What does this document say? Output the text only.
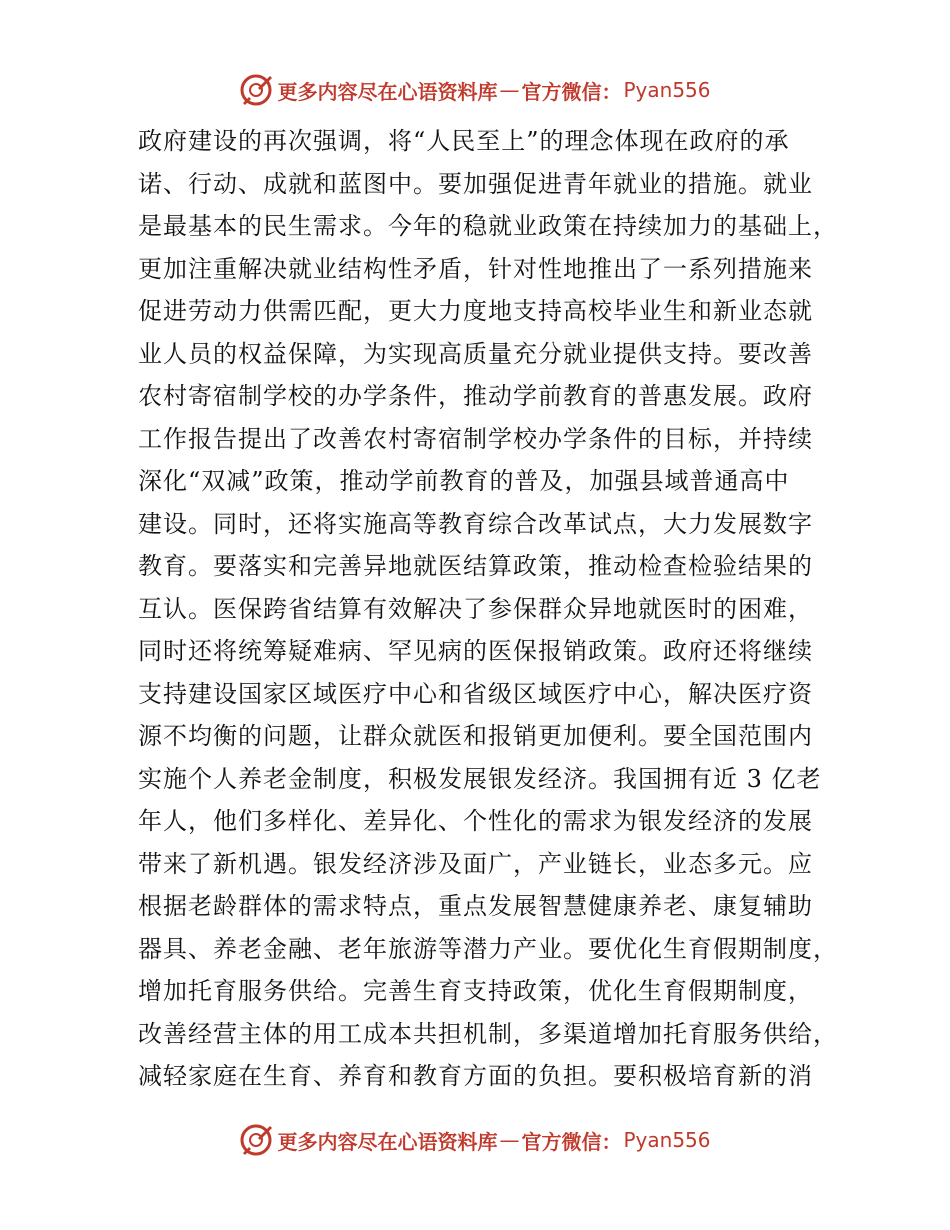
更多内容尽在心语资料库 — 官方微信： Pyan556
政府建设的再次强调，将“人民至上”的理念体现在政府的承
诺、行动、成就和蓝图中。要加强促进青年就业的措施。就业
是最基本的民生需求。今年的稳就业政策在持续加力的基础上，
更加注重解决就业结构性矛盾，针对性地推出了一系列措施来
促进劳动力供需匹配，更大力度地支持高校毕业生和新业态就
业人员的权益保障，为实现高质量充分就业提供支持。要改善
农村寄宿制学校的办学条件，推动学前教育的普惠发展。政府
工作报告提出了改善农村寄宿制学校办学条件的目标，并持续
深化“双减”政策，推动学前教育的普及，加强县域普通高中
建设。同时，还将实施高等教育综合改革试点，大力发展数字
教育。要落实和完善异地就医结算政策，推动检查检验结果的
互认。医保跨省结算有效解决了参保群众异地就医时的困难，
同时还将统筹疑难病、罕见病的医保报销政策。政府还将继续
支持建设国家区域医疗中心和省级区域医疗中心，解决医疗资
源不均衡的问题，让群众就医和报销更加便利。要全国范围内
实施个人养老金制度，积极发展银发经济。我国拥有近 3 亿老
年人，他们多样化、差异化、个性化的需求为银发经济的发展
带来了新机遇。银发经济涉及面广，产业链长，业态多元。应
根据老龄群体的需求特点，重点发展智慧健康养老、康复辅助
器具、养老金融、老年旅游等潜力产业。要优化生育假期制度，
增加托育服务供给。完善生育支持政策，优化生育假期制度，
改善经营主体的用工成本共担机制，多渠道增加托育服务供给，
减轻家庭在生育、养育和教育方面的负担。要积极培育新的消
更多内容尽在心语资料库 — 官方微信： Pyan556
